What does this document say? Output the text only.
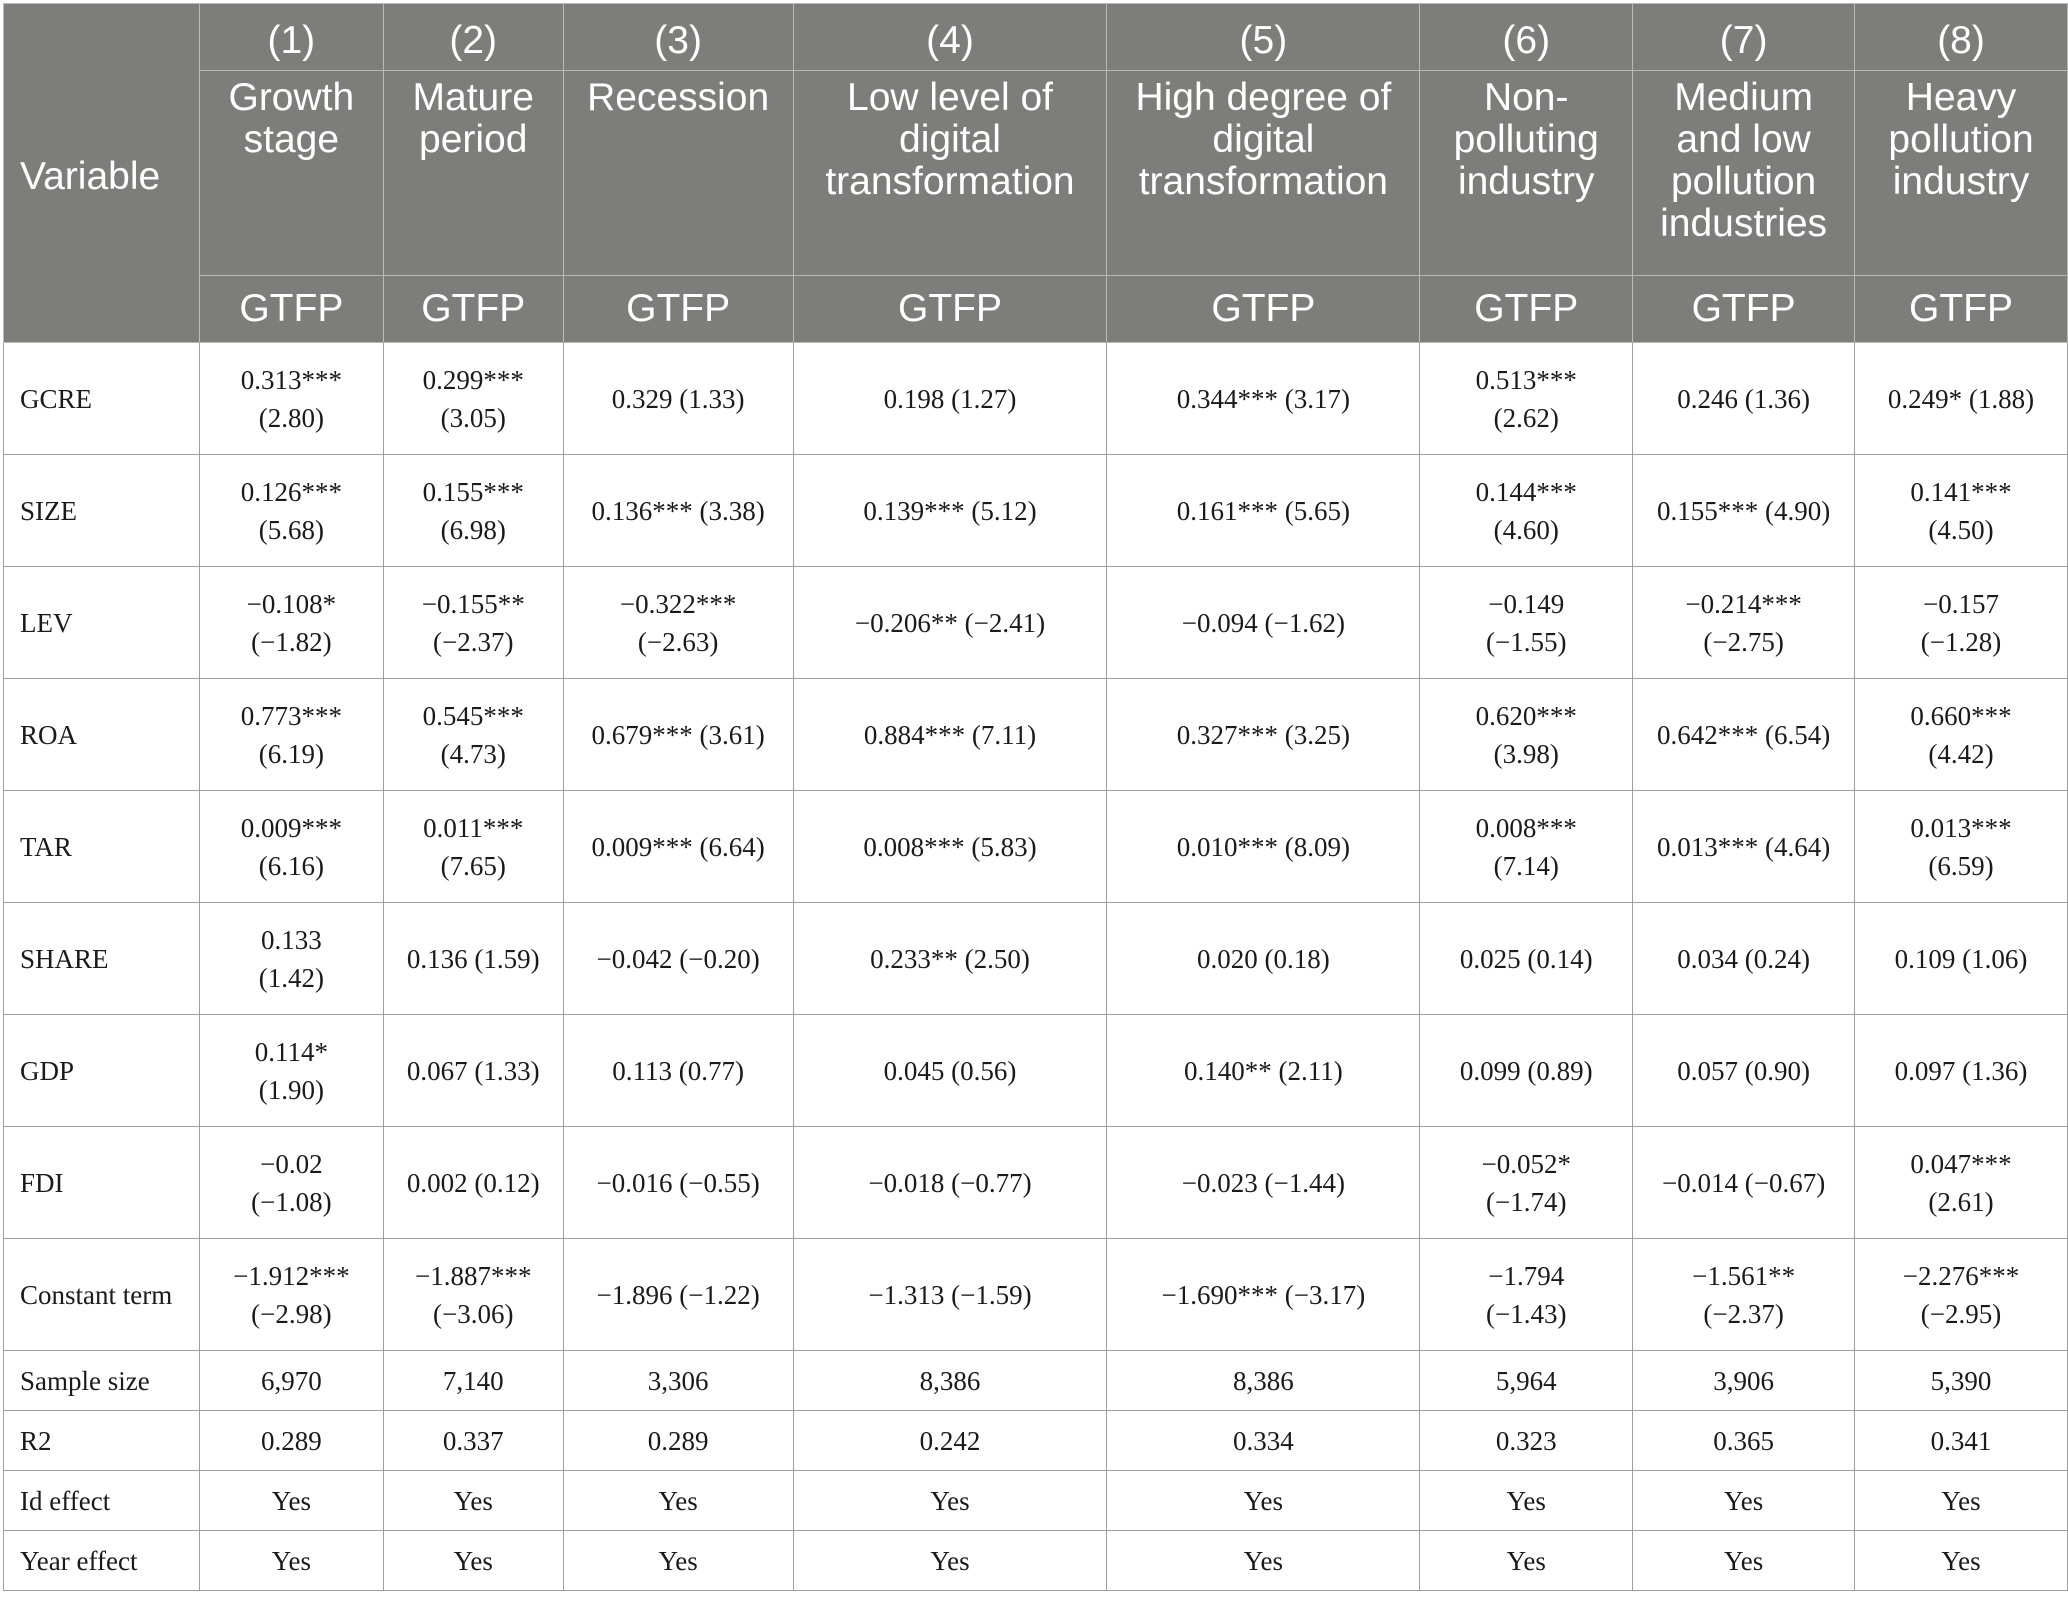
Variable	(1)	(2)	(3)	(4)	(5)	(6)	(7)	(8)
	Growth stage	Mature period	Recession	Low level of digital transformation	High degree of digital transformation	Non-polluting industry	Medium and low pollution industries	Heavy pollution industry
	GTFP	GTFP	GTFP	GTFP	GTFP	GTFP	GTFP	GTFP
GCRE	0.313***
(2.80)	0.299***
(3.05)	0.329 (1.33)	0.198 (1.27)	0.344*** (3.17)	0.513***
(2.62)	0.246 (1.36)	0.249* (1.88)
SIZE	0.126***
(5.68)	0.155***
(6.98)	0.136*** (3.38)	0.139*** (5.12)	0.161*** (5.65)	0.144***
(4.60)	0.155*** (4.90)	0.141***
(4.50)

LEV	−0.108*
(−1.82)	−0.155**
(−2.37)	−0.322***
(−2.63)	−0.206** (−2.41)	−0.094 (−1.62)	−0.149
(−1.55)	−0.214***
(−2.75)	−0.157
(−1.28)

ROA	0.773***
(6.19)	0.545***
(4.73)	0.679*** (3.61)	0.884*** (7.11)	0.327*** (3.25)	0.620***
(3.98)	0.642*** (6.54)	0.660***
(4.42)

TAR	0.009***
(6.16)	0.011***
(7.65)	0.009*** (6.64)	0.008*** (5.83)	0.010*** (8.09)	0.008***
(7.14)	0.013*** (4.64)	0.013***
(6.59)

SHARE	0.133
(1.42)	0.136 (1.59)	−0.042 (−0.20)	0.233** (2.50)	0.020 (0.18)	0.025 (0.14)	0.034 (0.24)	0.109 (1.06)
GDP	0.114*
(1.90)	0.067 (1.33)	0.113 (0.77)	0.045 (0.56)	0.140** (2.11)	0.099 (0.89)	0.057 (0.90)	0.097 (1.36)
FDI	−0.02
(−1.08)	0.002 (0.12)	−0.016 (−0.55)	−0.018 (−0.77)	−0.023 (−1.44)	−0.052*
(−1.74)	−0.014 (−0.67)	0.047***
(2.61)

Constant term	−1.912***
(−2.98)	−1.887***
(−3.06)	−1.896 (−1.22)	−1.313 (−1.59)	−1.690*** (−3.17)	−1.794
(−1.43)	−1.561**
(−2.37)	−2.276***
(−2.95)

Sample size	6,970	7,140	3,306	8,386	8,386	5,964	3,906	5,390
R2	0.289	0.337	0.289	0.242	0.334	0.323	0.365	0.341
Id effect	Yes	Yes	Yes	Yes	Yes	Yes	Yes	Yes
Year effect	Yes	Yes	Yes	Yes	Yes	Yes	Yes	Yes
